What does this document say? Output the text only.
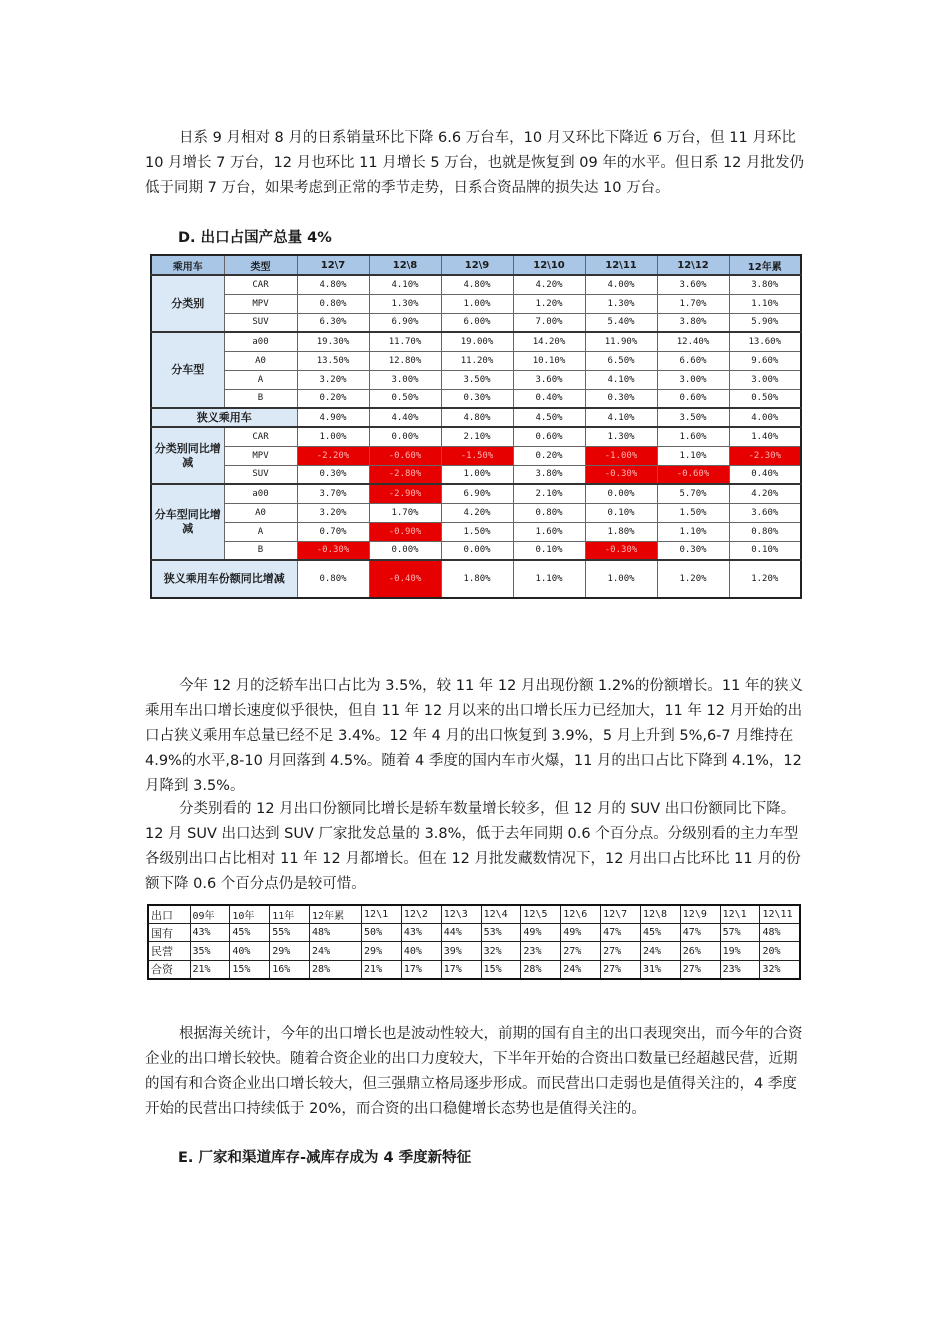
日系 9 月相对 8 月的日系销量环比下降 6.6 万台车，10 月又环比下降近 6 万台，但 11 月环比 10 月增长 7 万台，12 月也环比 11 月增长 5 万台，也就是恢复到 09 年的水平。但日系 12 月批发仍低于同期 7 万台，如果考虑到正常的季节走势，日系合资品牌的损失达 10 万台。

D. 出口占国产总量 4%

乘用车	类型	12\7	12\8	12\9	12\10	12\11	12\12	12年累
分类别	CAR	4.80%	4.10%	4.80%	4.20%	4.00%	3.60%	3.80%
	MPV	0.80%	1.30%	1.00%	1.20%	1.30%	1.70%	1.10%
	SUV	6.30%	6.90%	6.00%	7.00%	5.40%	3.80%	5.90%
分车型	a00	19.30%	11.70%	19.00%	14.20%	11.90%	12.40%	13.60%
	A0	13.50%	12.80%	11.20%	10.10%	6.50%	6.60%	9.60%
	A	3.20%	3.00%	3.50%	3.60%	4.10%	3.00%	3.00%
	B	0.20%	0.50%	0.30%	0.40%	0.30%	0.60%	0.50%
狭义乘用车		4.90%	4.40%	4.80%	4.50%	4.10%	3.50%	4.00%
分类别同比增减	CAR	1.00%	0.00%	2.10%	0.60%	1.30%	1.60%	1.40%
	MPV	-2.20%	-0.60%	-1.50%	0.20%	-1.00%	1.10%	-2.30%
	SUV	0.30%	-2.80%	1.00%	3.80%	-0.30%	-0.60%	0.40%
分车型同比增减	a00	3.70%	-2.90%	6.90%	2.10%	0.00%	5.70%	4.20%
	A0	3.20%	1.70%	4.20%	0.80%	0.10%	1.50%	3.60%
	A	0.70%	-0.90%	1.50%	1.60%	1.80%	1.10%	0.80%
	B	-0.30%	0.00%	0.00%	0.10%	-0.30%	0.30%	0.10%
狭义乘用车份额同比增减		0.80%	-0.40%	1.80%	1.10%	1.00%	1.20%	1.20%

今年 12 月的泛轿车出口占比为 3.5%，较 11 年 12 月出现份额 1.2%的份额增长。11 年的狭义乘用车出口增长速度似乎很快，但自 11 年 12 月以来的出口增长压力已经加大，11 年 12 月开始的出口占狭义乘用车总量已经不足 3.4%。12 年 4 月的出口恢复到 3.9%，5 月上升到 5%,6-7 月维持在 4.9%的水平,8-10 月回落到 4.5%。随着 4 季度的国内车市火爆，11 月的出口占比下降到 4.1%，12 月降到 3.5%。

分类别看的 12 月出口份额同比增长是轿车数量增长较多，但 12 月的 SUV 出口份额同比下降。12 月 SUV 出口达到 SUV 厂家批发总量的 3.8%，低于去年同期 0.6 个百分点。分级别看的主力车型各级别出口占比相对 11 年 12 月都增长。但在 12 月批发藏数情况下，12 月出口占比环比 11 月的份额下降 0.6 个百分点仍是较可惜。

出口	09年	10年	11年	12年累	12\1	12\2	12\3	12\4	12\5	12\6	12\7	12\8	12\9	12\1	12\11
国有	43%	45%	55%	48%	50%	43%	44%	53%	49%	49%	47%	45%	47%	57%	48%
民营	35%	40%	29%	24%	29%	40%	39%	32%	23%	27%	27%	24%	26%	19%	20%
合资	21%	15%	16%	28%	21%	17%	17%	15%	28%	24%	27%	31%	27%	23%	32%

根据海关统计，今年的出口增长也是波动性较大，前期的国有自主的出口表现突出，而今年的合资企业的出口增长较快。随着合资企业的出口力度较大，下半年开始的合资出口数量已经超越民营，近期的国有和合资企业出口增长较大，但三强鼎立格局逐步形成。而民营出口走弱也是值得关注的，4 季度开始的民营出口持续低于 20%，而合资的出口稳健增长态势也是值得关注的。

E. 厂家和渠道库存-减库存成为 4 季度新特征
